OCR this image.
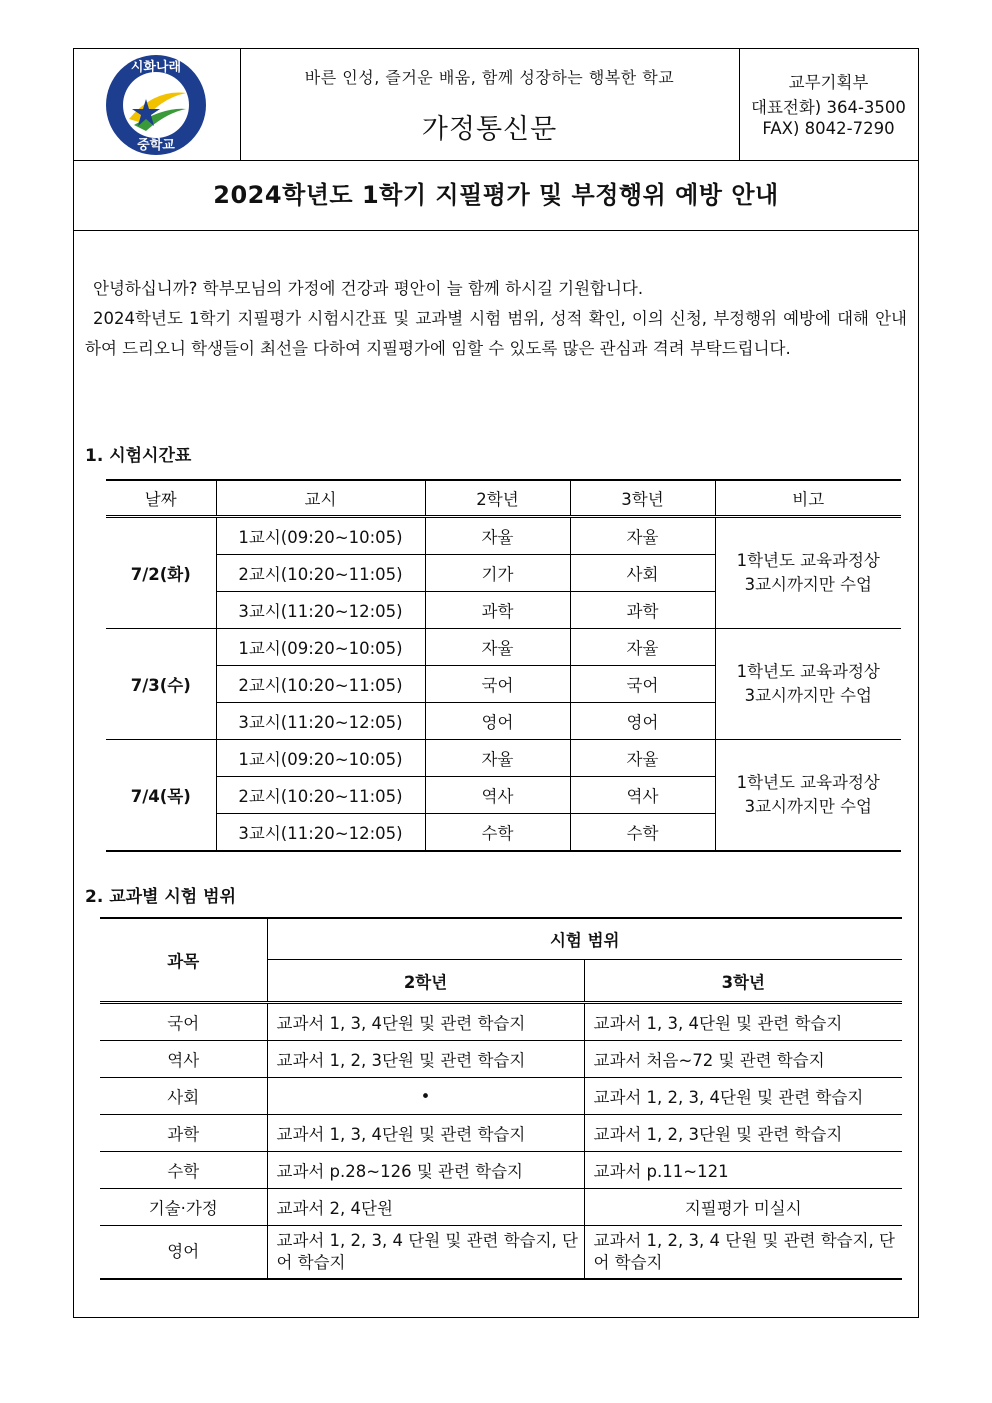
시화나래
중학교
바른 인성, 즐거운 배움, 함께 성장하는 행복한 학교
가정통신문
교무기획부
대표전화) 364-3500
FAX) 8042-7290
2024학년도 1학기 지필평가 및 부정행위 예방 안내

안녕하십니까? 학부모님의 가정에 건강과 평안이 늘 함께 하시길 기원합니다.

2024학년도 1학기 지필평가 시험시간표 및 교과별 시험 범위, 성적 확인, 이의 신청, 부정행위 예방에 대해 안내하여 드리오니 학생들이 최선을 다하여 지필평가에 임할 수 있도록 많은 관심과 격려 부탁드립니다.

1. 시험시간표
날짜	교시	2학년	3학년	비고
7/2(화)	1교시(09:20~10:05)	자율	자율	1학년도 교육과정상
3교시까지만 수업

	2교시(10:20~11:05)	기가	사회	
	3교시(11:20~12:05)	과학	과학	
7/3(수)	1교시(09:20~10:05)	자율	자율	1학년도 교육과정상
3교시까지만 수업

	2교시(10:20~11:05)	국어	국어	
	3교시(11:20~12:05)	영어	영어	
7/4(목)	1교시(09:20~10:05)	자율	자율	1학년도 교육과정상
3교시까지만 수업

	2교시(10:20~11:05)	역사	역사	
	3교시(11:20~12:05)	수학	수학	
2. 교과별 시험 범위
과목	시험 범위	
	2학년	3학년
국어	교과서 1, 3, 4단원 및 관련 학습지	교과서 1, 3, 4단원 및 관련 학습지
역사	교과서 1, 2, 3단원 및 관련 학습지	교과서 처음~72 및 관련 학습지
사회	•	교과서 1, 2, 3, 4단원 및 관련 학습지
과학	교과서 1, 3, 4단원 및 관련 학습지	교과서 1, 2, 3단원 및 관련 학습지
수학	교과서 p.28~126 및 관련 학습지	교과서 p.11~121
기술·가정	교과서 2, 4단원	지필평가 미실시
영어	교과서 1, 2, 3, 4 단원 및 관련 학습지, 단어 학습지	교과서 1, 2, 3, 4 단원 및 관련 학습지, 단어 학습지
